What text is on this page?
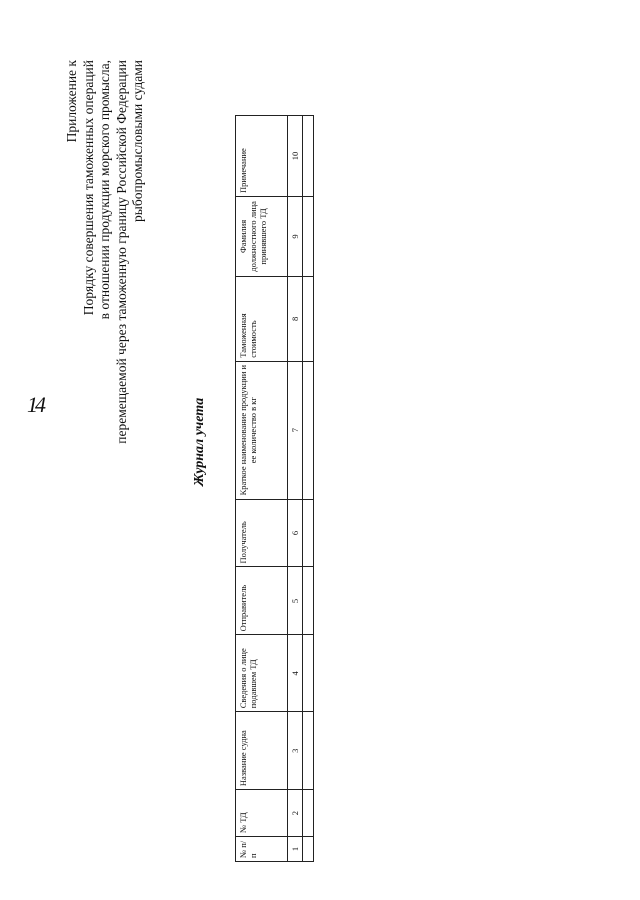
14
Приложение к Порядку совершения таможенных операций в отношении продукции морского промысла, перемещаемой через таможенную границу Российской Федерации рыбопромысловыми судами
Журнал учета
№ п/п	№ ТД	Название судна	Сведения о лице подавшем ТД	Отправитель	Получатель	Краткое наименование продукции и ее количество в кг	Таможенная стоимость	Фамилия должностного лица принявшего ТД	Примечание
1	2	3	4	5	6	7	8	9	10
